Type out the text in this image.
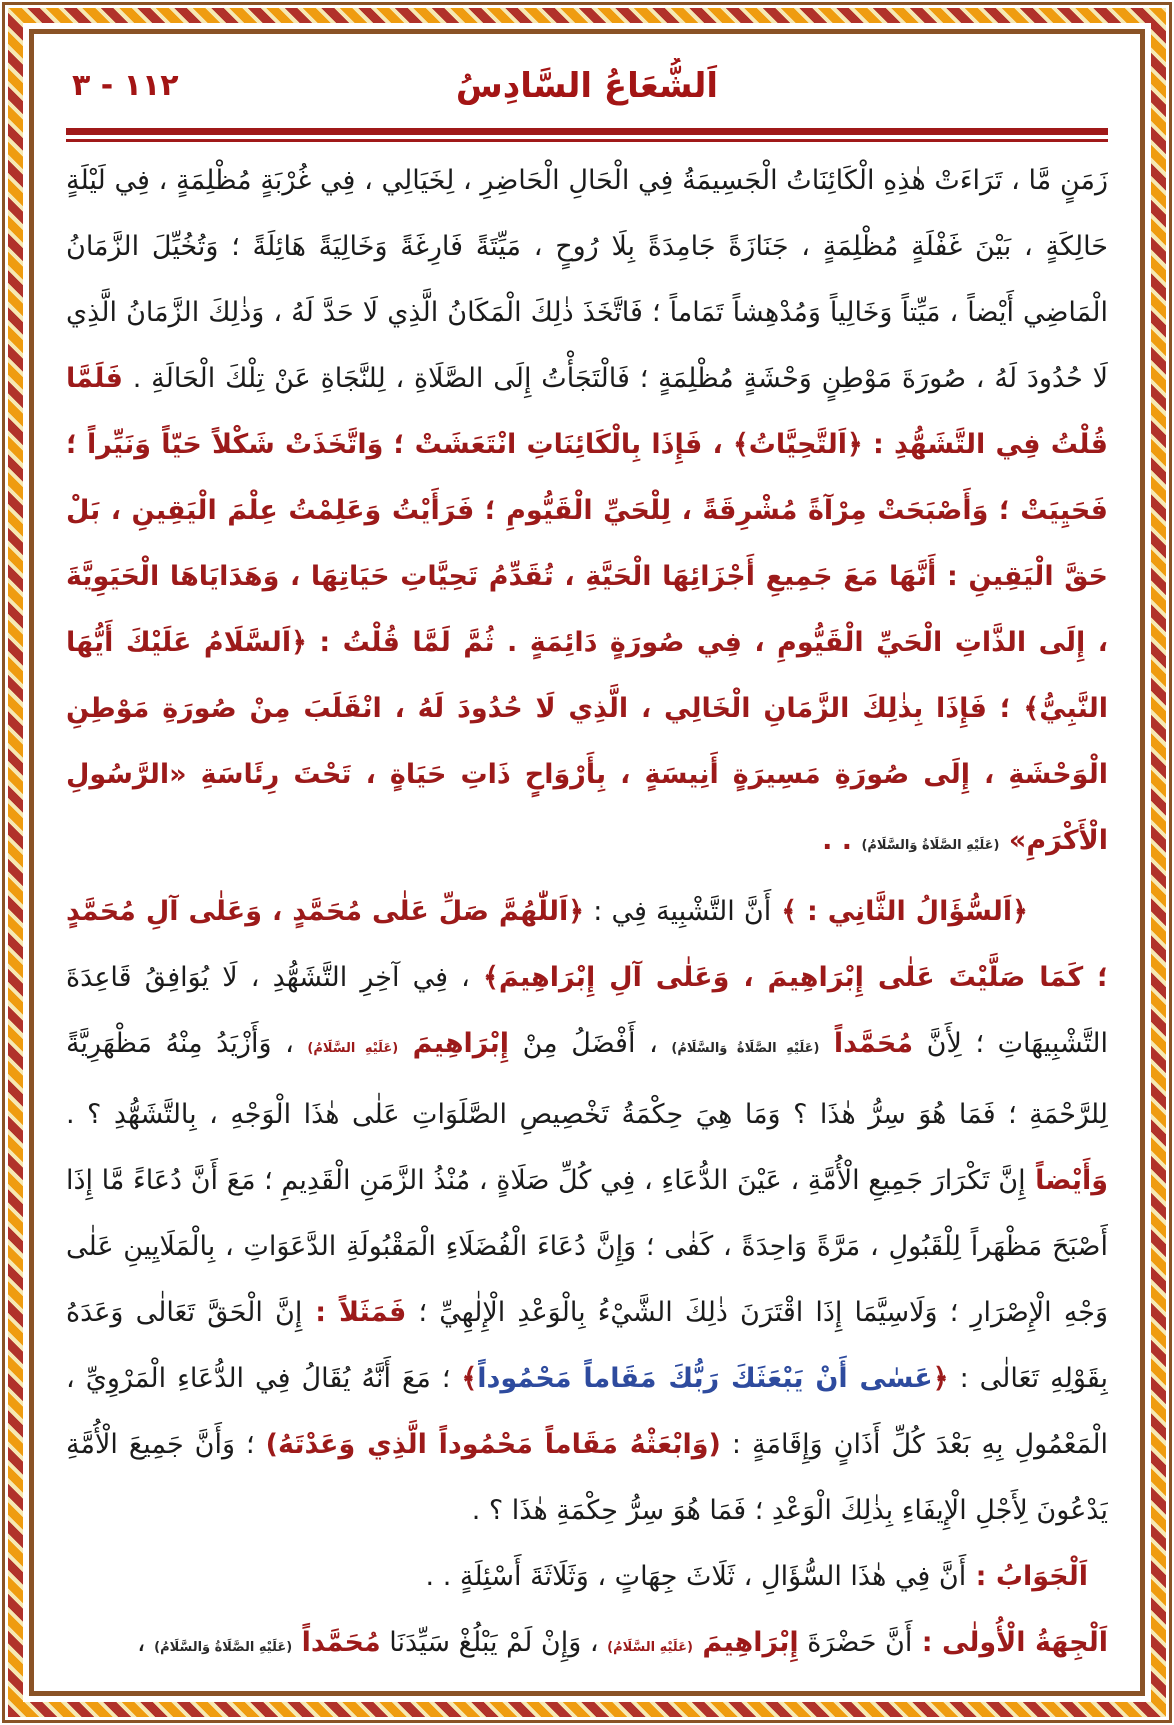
اَلشُّعَاعُ السَّادِسُ
١١٢ - ٣
زَمَنٍ مَّا ، تَرَاءَتْ هٰذِهِ الْكَائِنَاتُ الْجَسِيمَةُ فِي الْحَالِ الْحَاضِرِ ، لِخَيَالِي ، فِي غُرْبَةٍ مُظْلِمَةٍ ، فِي لَيْلَةٍ حَالِكَةٍ ، بَيْنَ غَفْلَةٍ مُظْلِمَةٍ ، جَنَازَةً جَامِدَةً بِلَا رُوحٍ ، مَيِّتَةً فَارِغَةً وَخَالِيَةً هَائِلَةً ؛ وَتُخُيِّلَ الزَّمَانُ الْمَاضِي أَيْضاً ، مَيِّتاً وَخَالِياً وَمُدْهِشاً تَمَاماً ؛ فَاتَّخَذَ ذٰلِكَ الْمَكَانُ الَّذِي لَا حَدَّ لَهُ ، وَذٰلِكَ الزَّمَانُ الَّذِي لَا حُدُودَ لَهُ ، صُورَةَ مَوْطِنٍ وَحْشَةٍ مُظْلِمَةٍ ؛ فَالْتَجَأْتُ إِلَى الصَّلَاةِ ، لِلنَّجَاةِ عَنْ تِلْكَ الْحَالَةِ . فَلَمَّا قُلْتُ فِي التَّشَهُّدِ : ﴿اَلتَّحِيَّاتُ﴾ ، فَإِذَا بِالْكَائِنَاتِ انْتَعَشَتْ ؛ وَاتَّخَذَتْ شَكْلاً حَيّاً وَنَيِّراً ؛ فَحَيِيَتْ ؛ وَأَصْبَحَتْ مِرْآةً مُشْرِقَةً ، لِلْحَيِّ الْقَيُّومِ ؛ فَرَأَيْتُ وَعَلِمْتُ عِلْمَ الْيَقِينِ ، بَلْ حَقَّ الْيَقِينِ : أَنَّهَا مَعَ جَمِيعِ أَجْزَائِهَا الْحَيَّةِ ، تُقَدِّمُ تَحِيَّاتِ حَيَاتِهَا ، وَهَدَايَاهَا الْحَيَوِيَّةَ ، إِلَى الذَّاتِ الْحَيِّ الْقَيُّومِ ، فِي صُورَةٍ دَائِمَةٍ . ثُمَّ لَمَّا قُلْتُ : ﴿اَلسَّلَامُ عَلَيْكَ أَيُّهَا النَّبِيُّ﴾ ؛ فَإِذَا بِذٰلِكَ الزَّمَانِ الْخَالِي ، الَّذِي لَا حُدُودَ لَهُ ، انْقَلَبَ مِنْ صُورَةِ مَوْطِنِ الْوَحْشَةِ ، إِلَى صُورَةِ مَسِيرَةٍ أَنِيسَةٍ ، بِأَرْوَاحٍ ذَاتِ حَيَاةٍ ، تَحْتَ رِئَاسَةِ «الرَّسُولِ الْأَكْرَمِ» (عَلَيْهِ الصَّلَاةُ وَالسَّلَامُ) . .
﴿اَلسُّؤَالُ الثَّانِي : ﴾ أَنَّ التَّشْبِيهَ فِي : ﴿اَللّٰهُمَّ صَلِّ عَلٰى مُحَمَّدٍ ، وَعَلٰى آلِ مُحَمَّدٍ ؛ كَمَا صَلَّيْتَ عَلٰى إِبْرَاهِيمَ ، وَعَلٰى آلِ إِبْرَاهِيمَ﴾ ، فِي آخِرِ التَّشَهُّدِ ، لَا يُوَافِقُ قَاعِدَةَ التَّشْبِيهَاتِ ؛ لِأَنَّ مُحَمَّداً (عَلَيْهِ الصَّلَاةُ وَالسَّلَامُ) ، أَفْضَلُ مِنْ إِبْرَاهِيمَ (عَلَيْهِ السَّلَامُ) ، وَأَزْيَدُ مِنْهُ مَظْهَرِيَّةً لِلرَّحْمَةِ ؛ فَمَا هُوَ سِرُّ هٰذَا ؟ وَمَا هِيَ حِكْمَةُ تَخْصِيصِ الصَّلَوَاتِ عَلٰى هٰذَا الْوَجْهِ ، بِالتَّشَهُّدِ ؟ . وَأَيْضاً إِنَّ تَكْرَارَ جَمِيعِ الْأُمَّةِ ، عَيْنَ الدُّعَاءِ ، فِي كُلِّ صَلَاةٍ ، مُنْذُ الزَّمَنِ الْقَدِيمِ ؛ مَعَ أَنَّ دُعَاءً مَّا إِذَا أَصْبَحَ مَظْهَراً لِلْقَبُولِ ، مَرَّةً وَاحِدَةً ، كَفٰى ؛ وَإِنَّ دُعَاءَ الْفُضَلَاءِ الْمَقْبُولَةِ الدَّعَوَاتِ ، بِالْمَلَايِينِ عَلٰى وَجْهِ الْإِصْرَارِ ؛ وَلَاسِيَّمَا إِذَا اقْتَرَنَ ذٰلِكَ الشَّيْءُ بِالْوَعْدِ الْإِلٰهِيِّ ؛ فَمَثَلاً : إِنَّ الْحَقَّ تَعَالٰى وَعَدَهُ بِقَوْلِهِ تَعَالٰى : ﴿عَسٰى أَنْ يَبْعَثَكَ رَبُّكَ مَقَاماً مَحْمُوداً﴾ ؛ مَعَ أَنَّهُ يُقَالُ فِي الدُّعَاءِ الْمَرْوِيِّ ، الْمَعْمُولِ بِهِ بَعْدَ كُلِّ أَذَانٍ وَإِقَامَةٍ : (وَابْعَثْهُ مَقَاماً مَحْمُوداً الَّذِي وَعَدْتَهُ) ؛ وَأَنَّ جَمِيعَ الْأُمَّةِ يَدْعُونَ لِأَجْلِ الْإِيفَاءِ بِذٰلِكَ الْوَعْدِ ؛ فَمَا هُوَ سِرُّ حِكْمَةِ هٰذَا ؟ .
اَلْجَوَابُ : أَنَّ فِي هٰذَا السُّؤَالِ ، ثَلَاثَ جِهَاتٍ ، وَثَلَاثَةَ أَسْئِلَةٍ . .
اَلْجِهَةُ الْأُولٰى : أَنَّ حَضْرَةَ إِبْرَاهِيمَ (عَلَيْهِ السَّلَامُ) ، وَإِنْ لَمْ يَبْلُغْ سَيِّدَنَا مُحَمَّداً (عَلَيْهِ الصَّلَاةُ وَالسَّلَامُ) ،
